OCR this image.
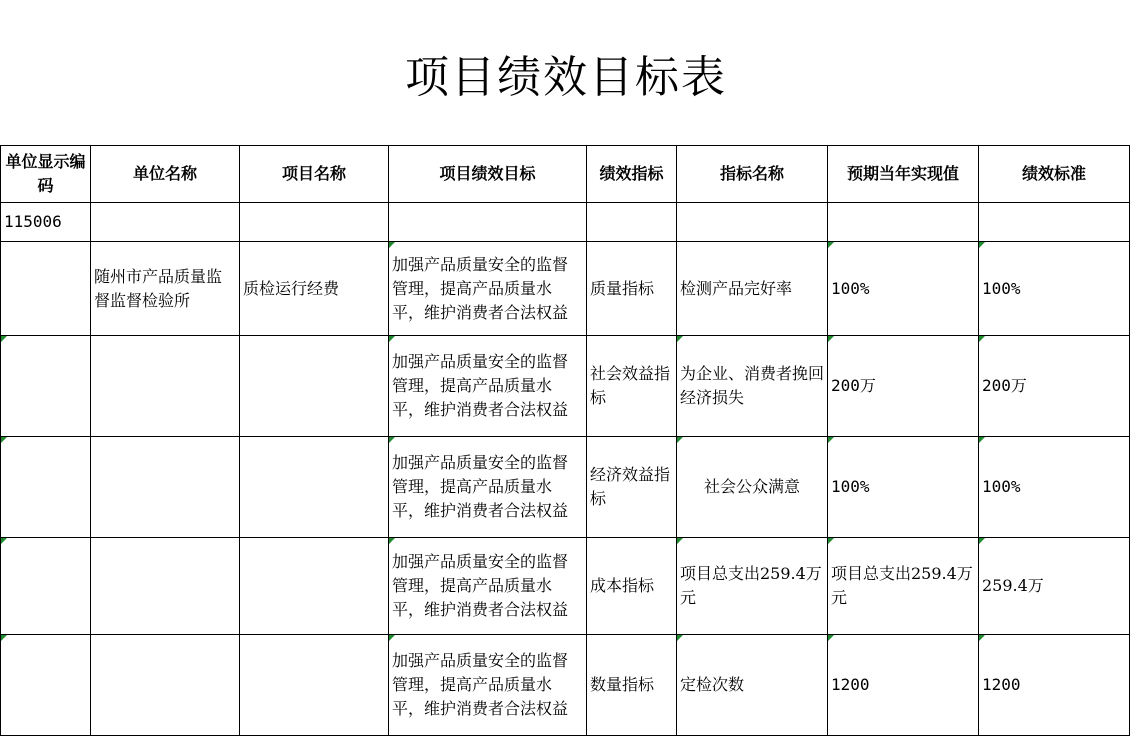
项目绩效目标表
单位显示编码	单位名称	项目名称	项目绩效目标	绩效指标	指标名称	预期当年实现值	绩效标准
115006							
	随州市产品质量监督监督检验所	质检运行经费	加强产品质量安全的监督管理，提高产品质量水平，维护消费者合法权益	质量指标	检测产品完好率	100%	100%
			加强产品质量安全的监督管理，提高产品质量水平，维护消费者合法权益	社会效益指标	为企业、消费者挽回经济损失	200万	200万
			加强产品质量安全的监督管理，提高产品质量水平，维护消费者合法权益	经济效益指标	社会公众满意	100%	100%
			加强产品质量安全的监督管理，提高产品质量水平，维护消费者合法权益	成本指标	项目总支出259.4万元	项目总支出259.4万元	259.4万
			加强产品质量安全的监督管理，提高产品质量水平，维护消费者合法权益	数量指标	定检次数	1200	1200
